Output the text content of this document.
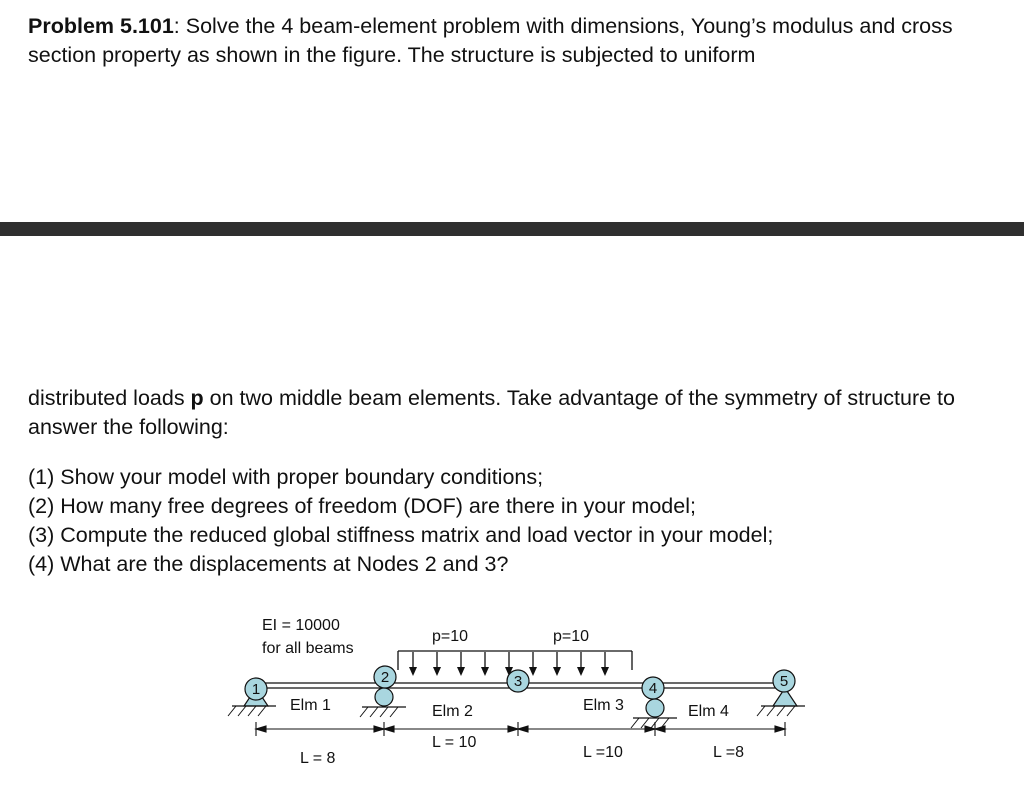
Problem 5.101: Solve the 4 beam-element problem with dimensions, Young’s modulus and cross section property as shown in the figure. The structure is subjected to uniform
distributed loads p on two middle beam elements. Take advantage of the symmetry of structure to answer the following:
(1) Show your model with proper boundary conditions;
(2) How many free degrees of freedom (DOF) are there in your model;
(3) Compute the reduced global stiffness matrix and load vector in your model;
(4) What are the displacements at Nodes 2 and 3?
EI = 10000
for all beams
p=10	p=10
1
2	3	4	5
Elm 1	Elm 2	Elm 3	Elm 4
L = 8
L = 10
L =10	L =8
